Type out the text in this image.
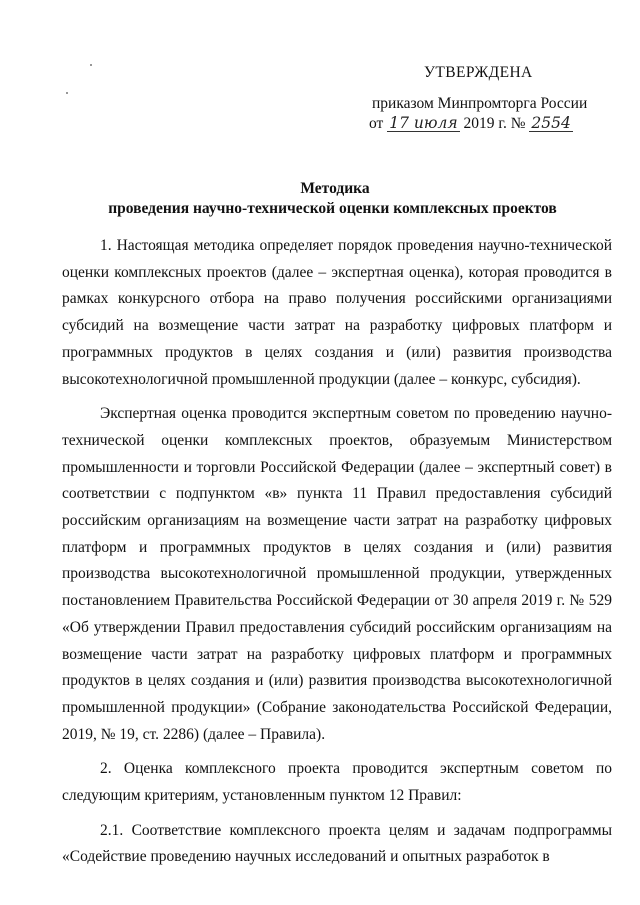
УТВЕРЖДЕНА
приказом Минпромторга России
от 17 июля 2019 г. № 2554
Методика
проведения научно-технической оценки комплексных проектов

1. Настоящая методика определяет порядок проведения научно-технической оценки комплексных проектов (далее – экспертная оценка), которая проводится в рамках конкурсного отбора на право получения российскими организациями субсидий на возмещение части затрат на разработку цифровых платформ и программных продуктов в целях создания и (или) развития производства высокотехнологичной промышленной продукции (далее – конкурс, субсидия).

Экспертная оценка проводится экспертным советом по проведению научно-технической оценки комплексных проектов, образуемым Министерством промышленности и торговли Российской Федерации (далее – экспертный совет) в соответствии с подпунктом «в» пункта 11 Правил предоставления субсидий российским организациям на возмещение части затрат на разработку цифровых платформ и программных продуктов в целях создания и (или) развития производства высокотехнологичной промышленной продукции, утвержденных постановлением Правительства Российской Федерации от 30 апреля 2019 г. № 529 «Об утверждении Правил предоставления субсидий российским организациям на возмещение части затрат на разработку цифровых платформ и программных продуктов в целях создания и (или) развития производства высокотехнологичной промышленной продукции» (Собрание законодательства Российской Федерации, 2019, № 19, ст. 2286) (далее – Правила).

2. Оценка комплексного проекта проводится экспертным советом по следующим критериям, установленным пунктом 12 Правил:

2.1. Соответствие комплексного проекта целям и задачам подпрограммы «Содействие проведению научных исследований и опытных разработок в
